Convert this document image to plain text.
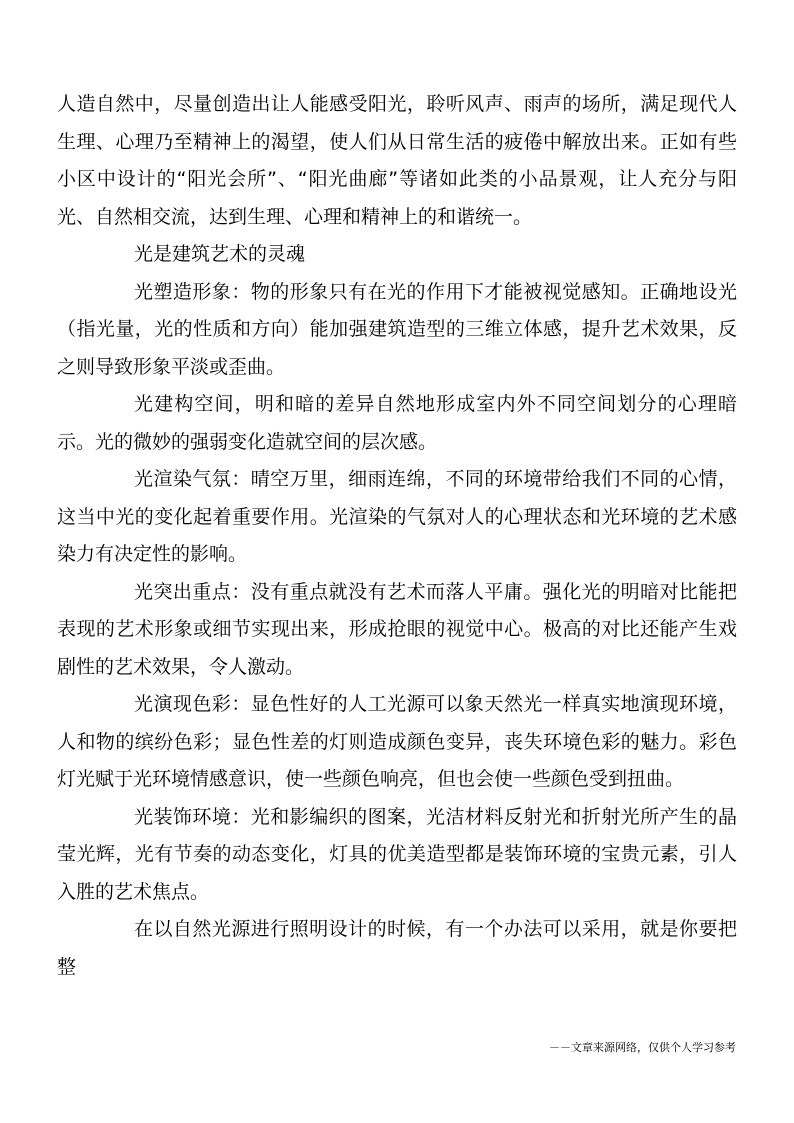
人造自然中，尽量创造出让人能感受阳光，聆听风声、雨声的场所，满足现代人生理、心理乃至精神上的渴望，使人们从日常生活的疲倦中解放出来。正如有些小区中设计的“阳光会所”、“阳光曲廊”等诸如此类的小品景观，让人充分与阳光、自然相交流，达到生理、心理和精神上的和谐统一。

光是建筑艺术的灵魂

光塑造形象：物的形象只有在光的作用下才能被视觉感知。正确地设光（指光量，光的性质和方向）能加强建筑造型的三维立体感，提升艺术效果，反之则导致形象平淡或歪曲。

光建构空间，明和暗的差异自然地形成室内外不同空间划分的心理暗示。光的微妙的强弱变化造就空间的层次感。

光渲染气氛：晴空万里，细雨连绵，不同的环境带给我们不同的心情，这当中光的变化起着重要作用。光渲染的气氛对人的心理状态和光环境的艺术感染力有决定性的影响。

光突出重点：没有重点就没有艺术而落人平庸。强化光的明暗对比能把表现的艺术形象或细节实现出来，形成抢眼的视觉中心。极高的对比还能产生戏剧性的艺术效果，令人激动。

光演现色彩：显色性好的人工光源可以象天然光一样真实地演现环境，人和物的缤纷色彩；显色性差的灯则造成颜色变异，丧失环境色彩的魅力。彩色灯光赋于光环境情感意识，使一些颜色响亮，但也会使一些颜色受到扭曲。

光装饰环境：光和影编织的图案，光洁材料反射光和折射光所产生的晶莹光辉，光有节奏的动态变化，灯具的优美造型都是装饰环境的宝贵元素，引人入胜的艺术焦点。

在以自然光源进行照明设计的时候，有一个办法可以采用，就是你要把整

－－文章来源网络，仅供个人学习参考
